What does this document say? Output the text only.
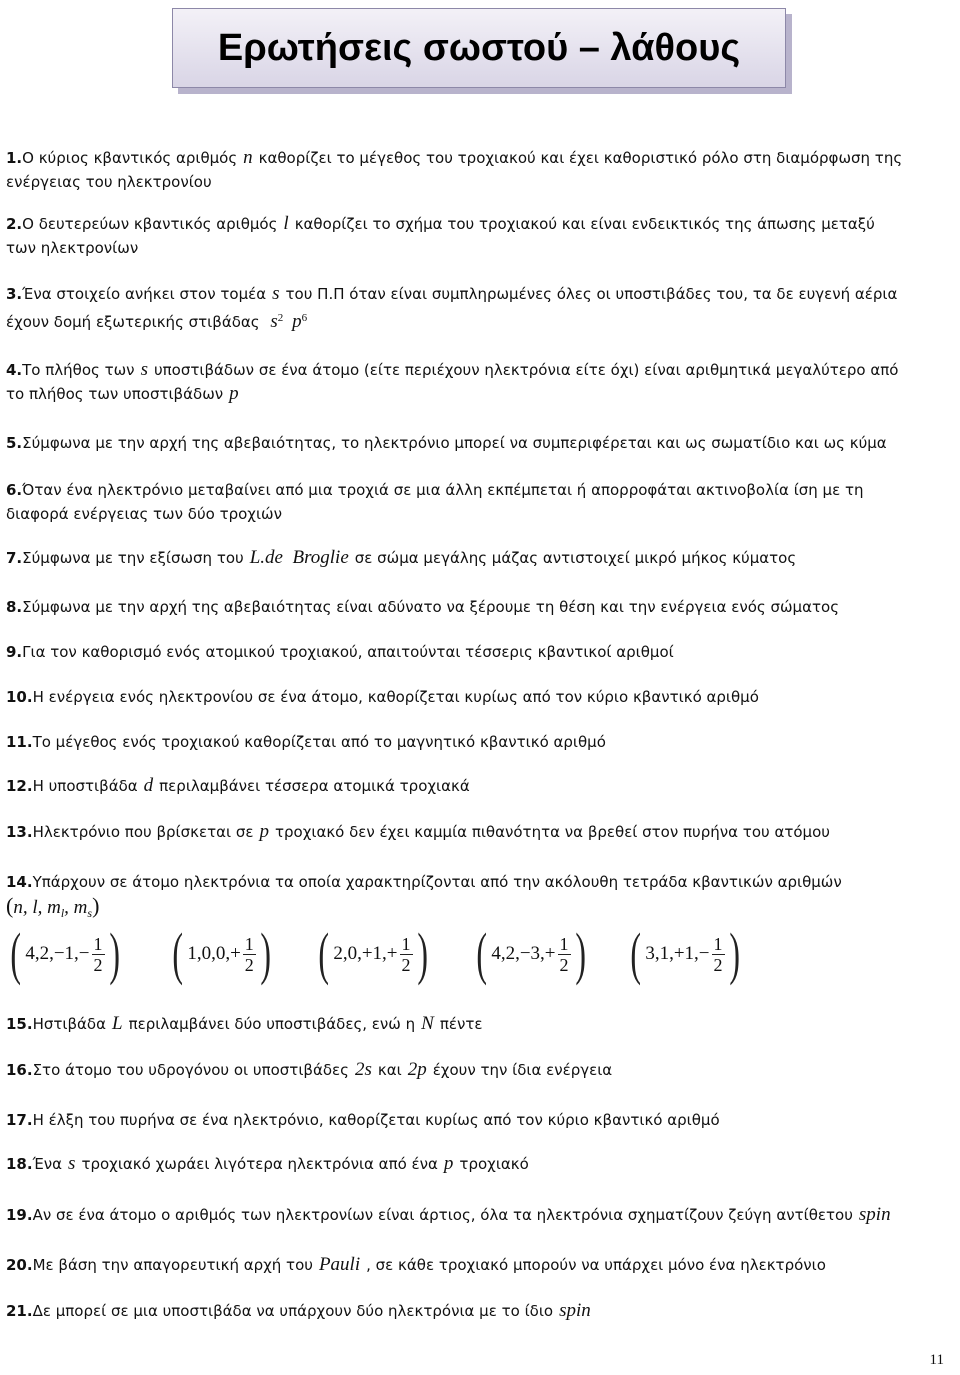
Ερωτήσεις σωστού – λάθους
1.Ο κύριος κβαντικός αριθμός n καθορίζει το μέγεθος του τροχιακού και έχει καθοριστικό ρόλο στη διαμόρφωση της
ενέργειας του ηλεκτρονίου
2.Ο δευτερεύων κβαντικός αριθμός l καθορίζει το σχήμα του τροχιακού και είναι ενδεικτικός της άπωσης μεταξύ
των ηλεκτρονίων
3.Ένα στοιχείο ανήκει στον τομέα s του Π.Π όταν είναι συμπληρωμένες όλες οι υποστιβάδες του, τα δε ευγενή αέρια
έχουν δομή εξωτερικής στιβάδας $s^2$ $p^6$
4.Το πλήθος των s υποστιβάδων σε ένα άτομο (είτε περιέχουν ηλεκτρόνια είτε όχι) είναι αριθμητικά μεγαλύτερο από
το πλήθος των υποστιβάδων p
5.Σύμφωνα με την αρχή της αβεβαιότητας, το ηλεκτρόνιο μπορεί να συμπεριφέρεται και ως σωματίδιο και ως κύμα
6.Όταν ένα ηλεκτρόνιο μεταβαίνει από μια τροχιά σε μια άλλη εκπέμπεται ή απορροφάται ακτινοβολία ίση με τη
διαφορά ενέργειας των δύο τροχιών
7.Σύμφωνα με την εξίσωση του L.de  Broglie σε σώμα μεγάλης μάζας αντιστοιχεί μικρό μήκος κύματος
8.Σύμφωνα με την αρχή της αβεβαιότητας είναι αδύνατο να ξέρουμε τη θέση και την ενέργεια ενός σώματος
9.Για τον καθορισμό ενός ατομικού τροχιακού, απαιτούνται τέσσερις κβαντικοί αριθμοί
10.Η ενέργεια ενός ηλεκτρονίου σε ένα άτομο, καθορίζεται κυρίως από τον κύριο κβαντικό αριθμό
11.Το μέγεθος ενός τροχιακού καθορίζεται από το μαγνητικό κβαντικό αριθμό
12.Η υποστιβάδα d περιλαμβάνει τέσσερα ατομικά τροχιακά
13.Ηλεκτρόνιο που βρίσκεται σε p τροχιακό δεν έχει καμμία πιθανότητα να βρεθεί στον πυρήνα του ατόμου
14.Υπάρχουν σε άτομο ηλεκτρόνια τα οποία χαρακτηρίζονται από την ακόλουθη τετράδα κβαντικών αριθμών
(n, l, $m_l$, $m_s$)
( $4,2,-1,- \frac{1}{2}$ ) ( $1,0,0,+ \frac{1}{2}$ ) ( $2,0,+1,+ \frac{1}{2}$ ) ( $4,2,-3,+ \frac{1}{2}$ ) ( $3,1,+1,- \frac{1}{2}$ )
15.Ηστιβάδα L περιλαμβάνει δύο υποστιβάδες, ενώ η N πέντε
16.Στο άτομο του υδρογόνου οι υποστιβάδες 2s και 2p έχουν την ίδια ενέργεια
17.Η έλξη του πυρήνα σε ένα ηλεκτρόνιο, καθορίζεται κυρίως από τον κύριο κβαντικό αριθμό
18.Ένα s τροχιακό χωράει λιγότερα ηλεκτρόνια από ένα p τροχιακό
19.Αν σε ένα άτομο ο αριθμός των ηλεκτρονίων είναι άρτιος, όλα τα ηλεκτρόνια σχηματίζουν ζεύγη αντίθετου spin
20.Με βάση την απαγορευτική αρχή του Pauli , σε κάθε τροχιακό μπορούν να υπάρχει μόνο ένα ηλεκτρόνιο
21.Δε μπορεί σε μια υποστιβάδα να υπάρχουν δύο ηλεκτρόνια με το ίδιο spin
11
